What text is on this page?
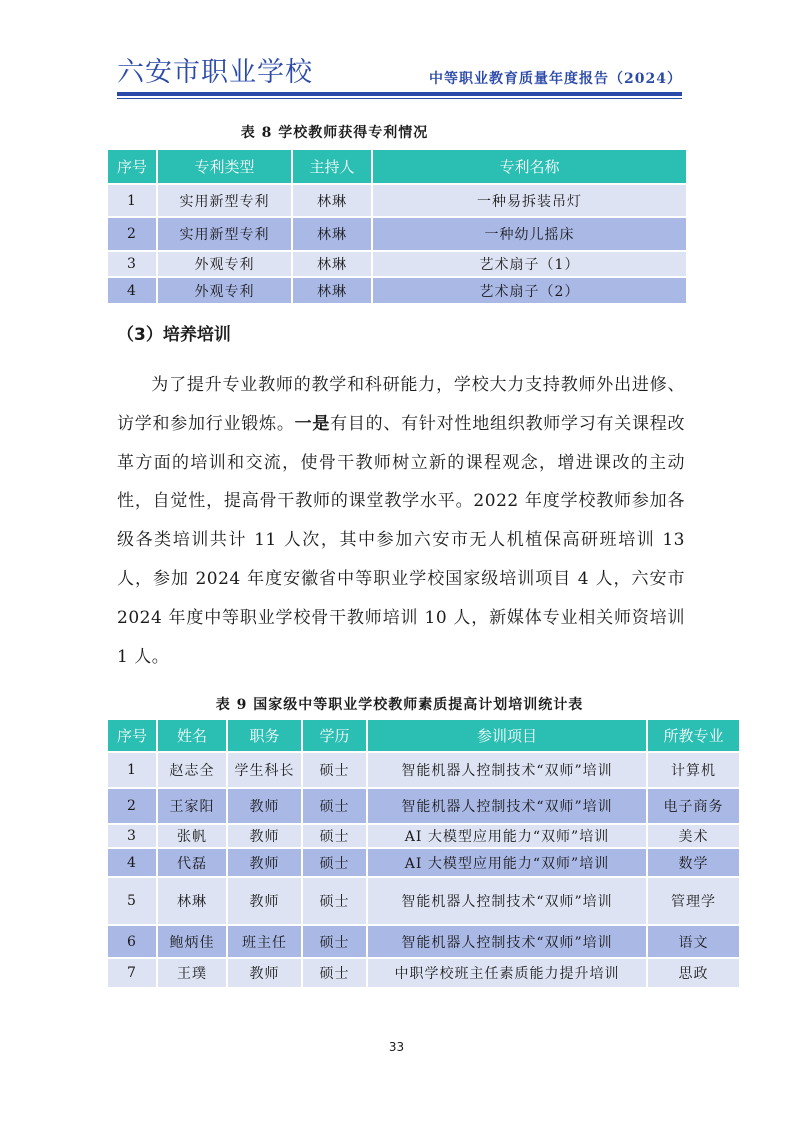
六安市职业学校	中等职业教育质量年度报告（2024）
表 8 学校教师获得专利情况
序号	专利类型	主持人	专利名称
1	实用新型专利	林琳	一种易拆装吊灯
2	实用新型专利	林琳	一种幼儿摇床
3	外观专利	林琳	艺术扇子（1）
4	外观专利	林琳	艺术扇子（2）
（3）培养培训
为了提升专业教师的教学和科研能力，学校大力支持教师外出进修、访学和参加行业锻炼。一是有目的、有针对性地组织教师学习有关课程改革方面的培训和交流，使骨干教师树立新的课程观念，增进课改的主动性，自觉性，提高骨干教师的课堂教学水平。2022 年度学校教师参加各级各类培训共计 11 人次，其中参加六安市无人机植保高研班培训 13 人，参加 2024 年度安徽省中等职业学校国家级培训项目 4 人，六安市 2024 年度中等职业学校骨干教师培训 10 人，新媒体专业相关师资培训 1 人。
表 9 国家级中等职业学校教师素质提高计划培训统计表
序号	姓名	职务	学历	参训项目	所教专业
1	赵志全	学生科长	硕士	智能机器人控制技术“双师”培训	计算机
2	王家阳	教师	硕士	智能机器人控制技术“双师”培训	电子商务
3	张帆	教师	硕士	AI 大模型应用能力“双师”培训	美术
4	代磊	教师	硕士	AI 大模型应用能力“双师”培训	数学
5	林琳	教师	硕士	智能机器人控制技术“双师”培训	管理学
6	鲍炳佳	班主任	硕士	智能机器人控制技术“双师”培训	语文
7	王璞	教师	硕士	中职学校班主任素质能力提升培训	思政
33
